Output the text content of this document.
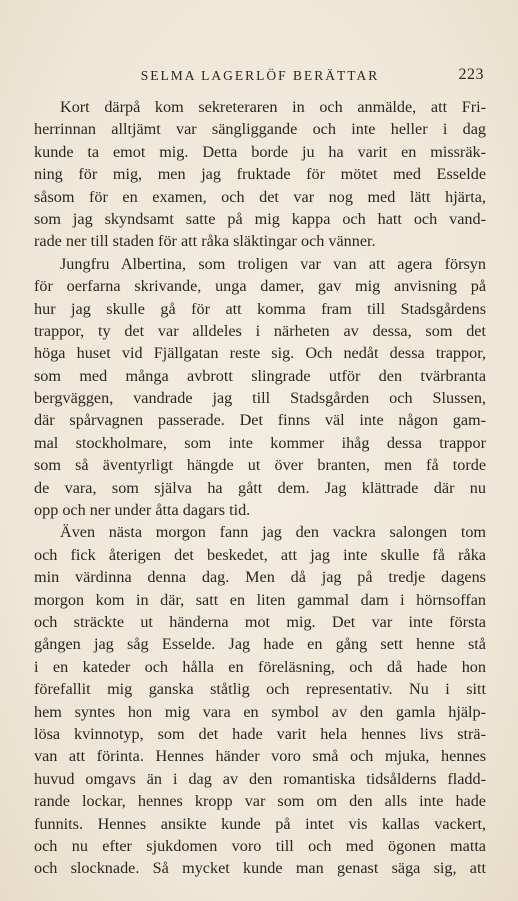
SELMA LAGERLÖF BERÄTTAR	223
Kort därpå kom sekreteraren in och anmälde, att Fri-
herrinnan alltjämt var sängliggande och inte heller i dag
kunde ta emot mig. Detta borde ju ha varit en missräk-
ning för mig, men jag fruktade för mötet med Esselde
såsom för en examen, och det var nog med lätt hjärta,
som jag skyndsamt satte på mig kappa och hatt och vand-
rade ner till staden för att råka släktingar och vänner.
Jungfru Albertina, som troligen var van att agera försyn
för oerfarna skrivande, unga damer, gav mig anvisning på
hur jag skulle gå för att komma fram till Stadsgårdens
trappor, ty det var alldeles i närheten av dessa, som det
höga huset vid Fjällgatan reste sig. Och nedåt dessa trappor,
som med många avbrott slingrade utför den tvärbranta
bergväggen, vandrade jag till Stadsgården och Slussen,
där spårvagnen passerade. Det finns väl inte någon gam-
mal stockholmare, som inte kommer ihåg dessa trappor
som så äventyrligt hängde ut över branten, men få torde
de vara, som själva ha gått dem. Jag klättrade där nu
opp och ner under åtta dagars tid.
Även nästa morgon fann jag den vackra salongen tom
och fick återigen det beskedet, att jag inte skulle få råka
min värdinna denna dag. Men då jag på tredje dagens
morgon kom in där, satt en liten gammal dam i hörnsoffan
och sträckte ut händerna mot mig. Det var inte första
gången jag såg Esselde. Jag hade en gång sett henne stå
i en kateder och hålla en föreläsning, och då hade hon
förefallit mig ganska ståtlig och representativ. Nu i sitt
hem syntes hon mig vara en symbol av den gamla hjälp-
lösa kvinnotyp, som det hade varit hela hennes livs strä-
van att förinta. Hennes händer voro små och mjuka, hennes
huvud omgavs än i dag av den romantiska tidsålderns fladd-
rande lockar, hennes kropp var som om den alls inte hade
funnits. Hennes ansikte kunde på intet vis kallas vackert,
och nu efter sjukdomen voro till och med ögonen matta
och slocknade. Så mycket kunde man genast säga sig, att
